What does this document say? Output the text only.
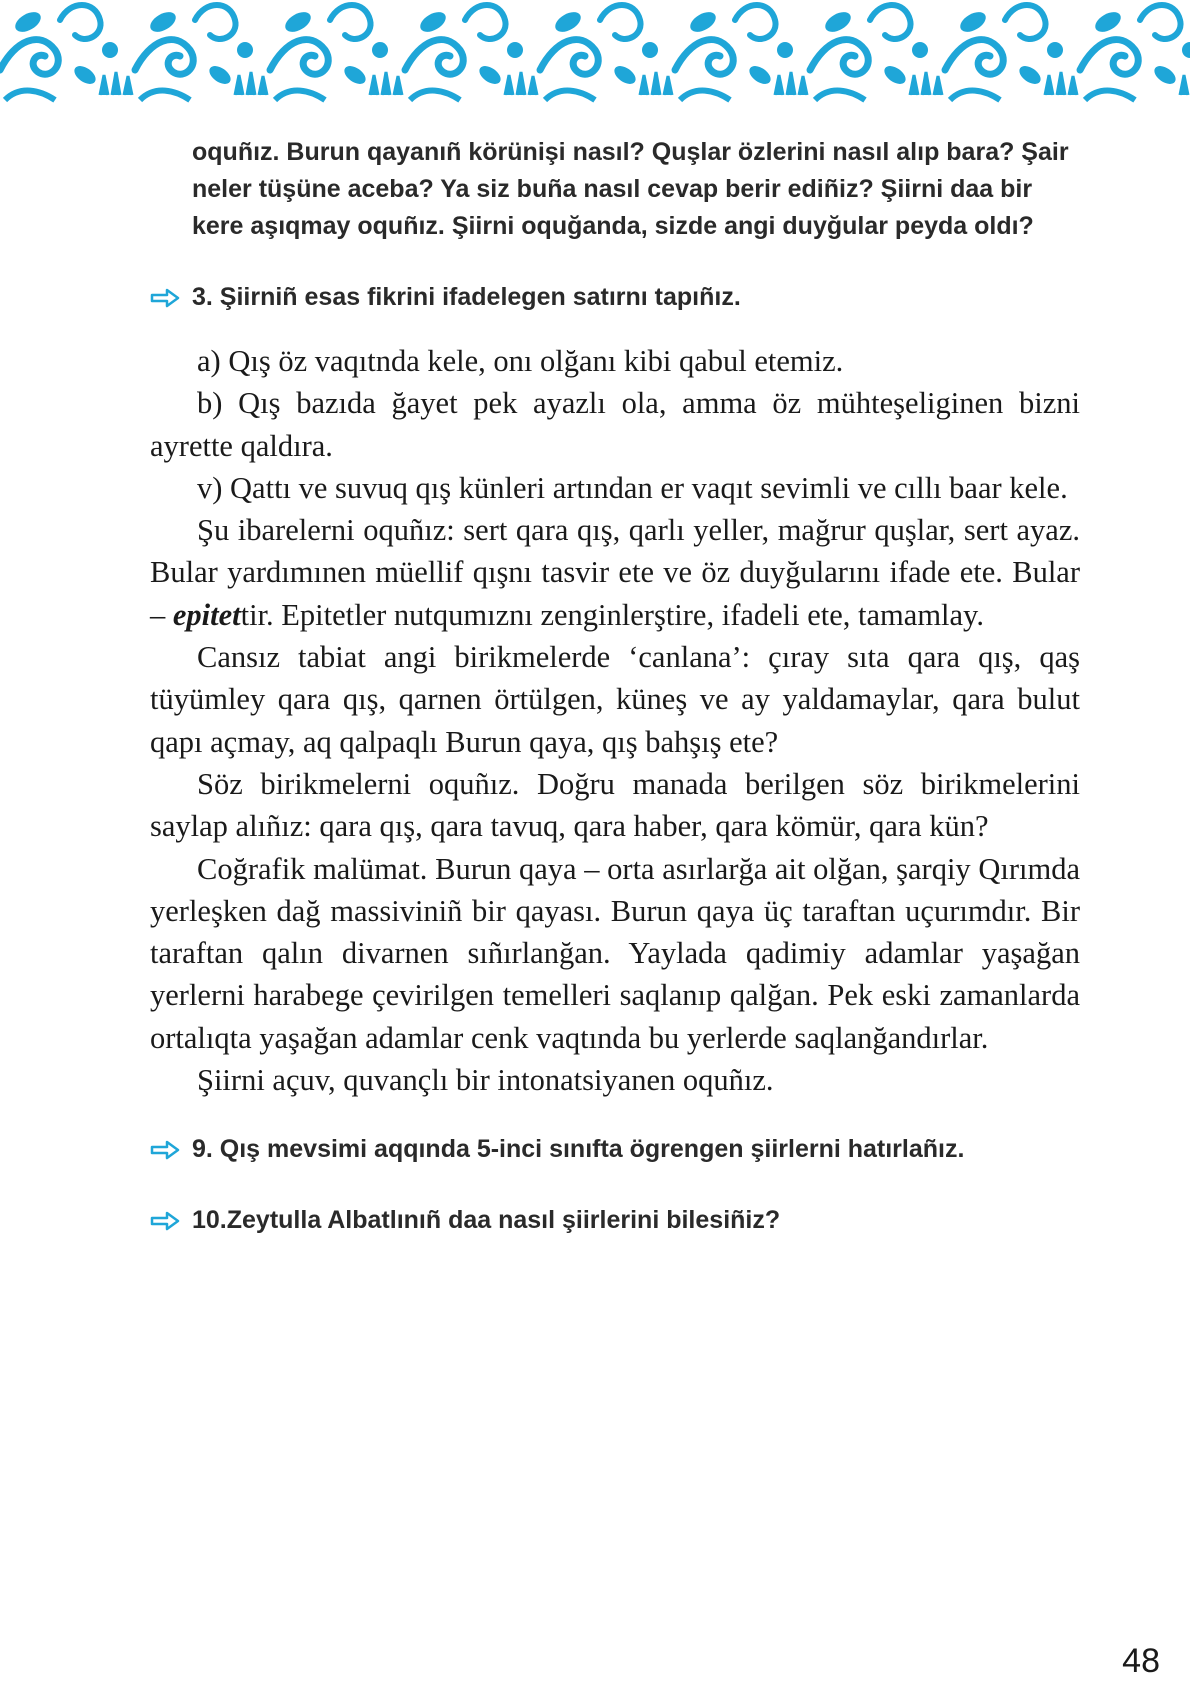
oquñız. Burun qayanıñ körünişi nasıl? Quşlar özlerini nasıl alıp bara? Şair neler tüşüne aceba? Ya siz buña nasıl cevap berir ediñiz? Şiirni daa bir kere aşıqmay oquñız. Şiirni oquğanda, sizde angi duyğular peyda oldı?
3. Şiirniñ esas fikrini ifadelegen satırnı tapıñız.

a) Qış öz vaqıtnda kele, onı olğanı kibi qabul etemiz.

b) Qış bazıda ğayet pek ayazlı ola, amma öz mühteşeliginen bizni ayrette qaldıra.

v) Qattı ve suvuq qış künleri artından er vaqıt sevimli ve cıllı baar kele.

Şu ibarelerni oquñız: sert qara qış, qarlı yeller, mağrur quşlar, sert ayaz. Bular yardımınen müellif qışnı tasvir ete ve öz duyğularını ifade ete. Bular – epitettir. Epitetler nutqumıznı zenginlerştire, ifadeli ete, tamamlay.

Cansız tabiat angi birikmelerde ‘canlana’: çıray sıta qara qış, qaş tüyümley qara qış, qarnen örtülgen, küneş ve ay yaldamaylar, qara bulut qapı açmay, aq qalpaqlı Burun qaya, qış bahşış ete?

Söz birikmelerni oquñız. Doğru manada berilgen söz birikmelerini saylap alıñız: qara qış, qara tavuq, qara haber, qara kömür, qara kün?

Coğrafik malümat. Burun qaya – orta asırlarğa ait olğan, şarqiy Qırımda yerleşken dağ massiviniñ bir qayası. Burun qaya üç taraftan uçurımdır. Bir taraftan qalın divarnen sıñırlanğan. Yaylada qadimiy adamlar yaşağan yerlerni harabege çevirilgen temelleri saqlanıp qalğan. Pek eski zamanlarda ortalıqta yaşağan adamlar cenk vaqtında bu yerlerde saqlanğandırlar.

Şiirni açuv, quvançlı bir intonatsiyanen oquñız.

9. Qış mevsimi aqqında 5-inci sınıfta ögrengen şiirlerni hatırlañız.
10.Zeytulla Albatlınıñ daa nasıl şiirlerini bilesiñiz?
48
